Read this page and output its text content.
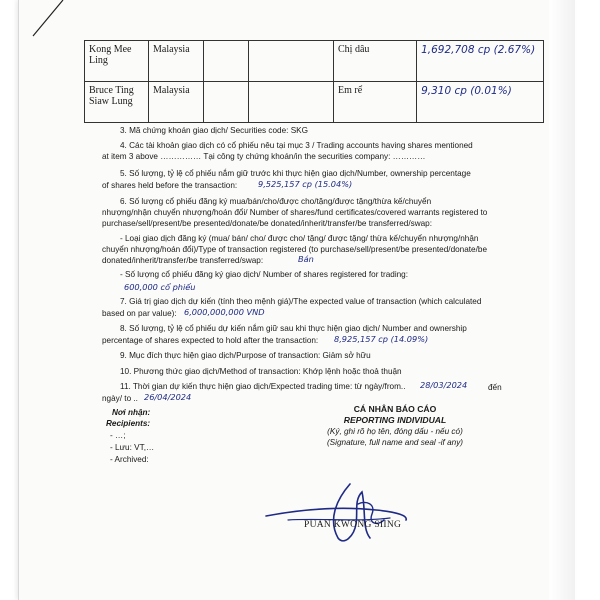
Kong Mee Ling	Malaysia			Chị dâu	1,692,708 cp (2.67%)
Bruce Ting Siaw Lung	Malaysia			Em rể	9,310 cp (0.01%)
3. Mã chứng khoán giao dịch/ Securities code: SKG
4. Các tài khoản giao dịch có cổ phiếu nêu tại mục 3 / Trading accounts having shares mentioned
at item 3 above …………… Tại công ty chứng khoán/in the securities company: …………
5. Số lượng, tỷ lệ cổ phiếu nắm giữ trước khi thực hiện giao dịch/Number, ownership percentage
of shares held before the transaction:	9,525,157 cp (15.04%)
6. Số lượng cổ phiếu đăng ký mua/bán/cho/được cho/tặng/được tặng/thừa kế/chuyển
nhượng/nhận chuyển nhượng/hoán đổi/ Number of shares/fund certificates/covered warrants registered to
purchase/sell/present/be presented/donate/be donated/inherit/transfer/be transferred/swap:
- Loại giao dịch đăng ký (mua/ bán/ cho/ được cho/ tặng/ được tặng/ thừa kế/chuyển nhượng/nhận
chuyển nhượng/hoán đổi)/Type of transaction registered (to purchase/sell/present/be presented/donate/be
donated/inherit/transfer/be transferred/swap:	Bán
- Số lượng cổ phiếu đăng ký giao dịch/ Number of shares registered for trading:
600,000 cổ phiếu
7. Giá trị giao dịch dự kiến (tính theo mệnh giá)/The expected value of transaction (which calculated
based on par value): 6,000,000,000 VND
8. Số lượng, tỷ lệ cổ phiếu dự kiến nắm giữ sau khi thực hiện giao dịch/ Number and ownership
percentage of shares expected to hold after the transaction: 8,925,157 cp (14.09%)
9. Mục đích thực hiện giao dịch/Purpose of transaction: Giảm sở hữu
10. Phương thức giao dịch/Method of transaction: Khớp lệnh hoặc thoả thuận
11. Thời gian dự kiến thực hiện giao dịch/Expected trading time: từ ngày/from.. 28/03/2024	đến
ngày/ to .. 26/04/2024
Nơi nhận:
Recipients:
- …;
- Lưu: VT,…
- Archived:
CÁ NHÂN BÁO CÁO
REPORTING INDIVIDUAL
(Ký, ghi rõ họ tên, đóng dấu - nếu có)
(Signature, full name and seal -if any)
PUAN KWONG SIING
